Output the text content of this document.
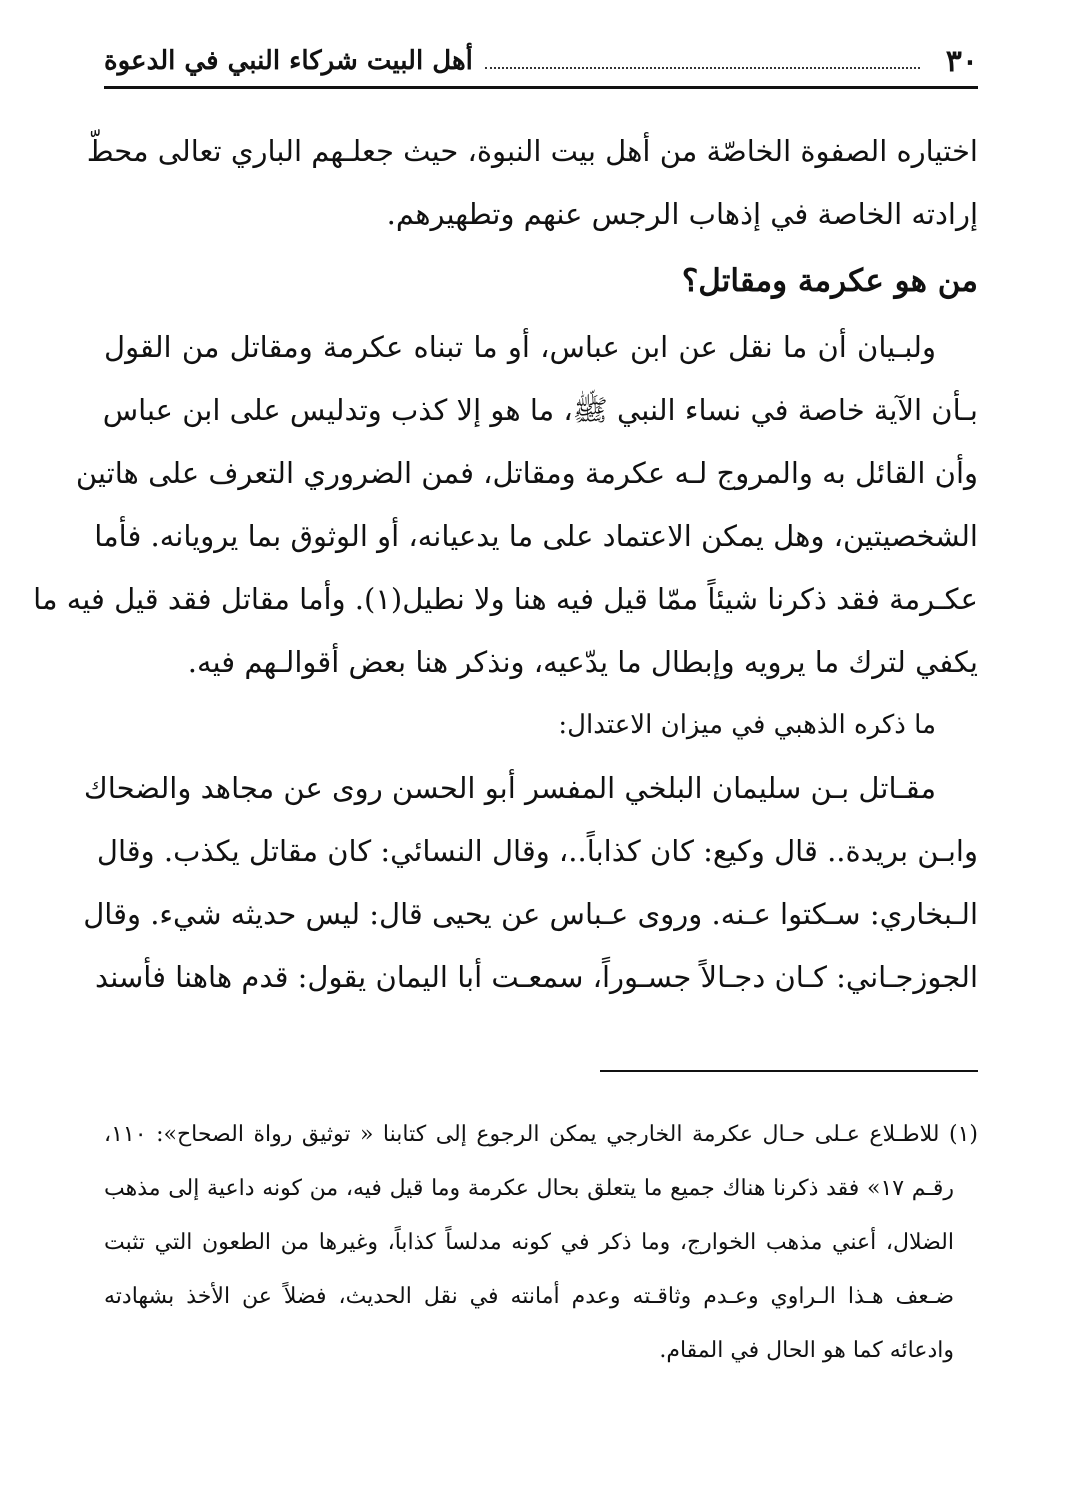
٣٠
أهل البيت شركاء النبي في الدعوة
اختياره الصفوة الخاصّة من أهل بيت النبوة، حيث جعلـهم الباري تعالى محطّ
إرادته الخاصة في إذهاب الرجس عنهم وتطهيرهم.
من هو عكرمة ومقاتل؟
ولبـيان أن ما نقل عن ابن عباس، أو ما تبناه عكرمة ومقاتل من القول
بـأن الآية خاصة في نساء النبي ﷺ، ما هو إلا كذب وتدليس على ابن عباس
وأن القائل به والمروج لـه عكرمة ومقاتل، فمن الضروري التعرف على هاتين
الشخصيتين، وهل يمكن الاعتماد على ما يدعيانه، أو الوثوق بما يرويانه. فأما
عكـرمة فقد ذكرنا شيئاً ممّا قيل فيه هنا ولا نطيل(١). وأما مقاتل فقد قيل فيه ما
يكفي لترك ما يرويه وإبطال ما يدّعيه، ونذكر هنا بعض أقوالـهم فيه.
ما ذكره الذهبي في ميزان الاعتدال:
مقـاتل بـن سليمان البلخي المفسر أبو الحسن روى عن مجاهد والضحاك
وابـن بريدة.. قال وكيع: كان كذاباً..، وقال النسائي: كان مقاتل يكذب. وقال
الـبخاري: سـكتوا عـنه. وروى عـباس عن يحيى قال: ليس حديثه شيء. وقال
الجوزجـاني: كـان دجـالاً جسـوراً، سمعـت أبا اليمان يقول: قدم هاهنا فأسند
(١) للاطـلاع عـلى حـال عكرمة الخارجي يمكن الرجوع إلى كتابنا « توثيق رواة الصحاح»: ١١٠،
رقـم ١٧» فقد ذكرنا هناك جميع ما يتعلق بحال عكرمة وما قيل فيه، من كونه داعية إلى مذهب
الضلال، أعني مذهب الخوارج، وما ذكر في كونه مدلساً كذاباً، وغيرها من الطعون التي تثبت
ضـعف هـذا الـراوي وعـدم وثاقـته وعدم أمانته في نقل الحديث، فضلاً عن الأخذ بشهادته
وادعائه كما هو الحال في المقام.
